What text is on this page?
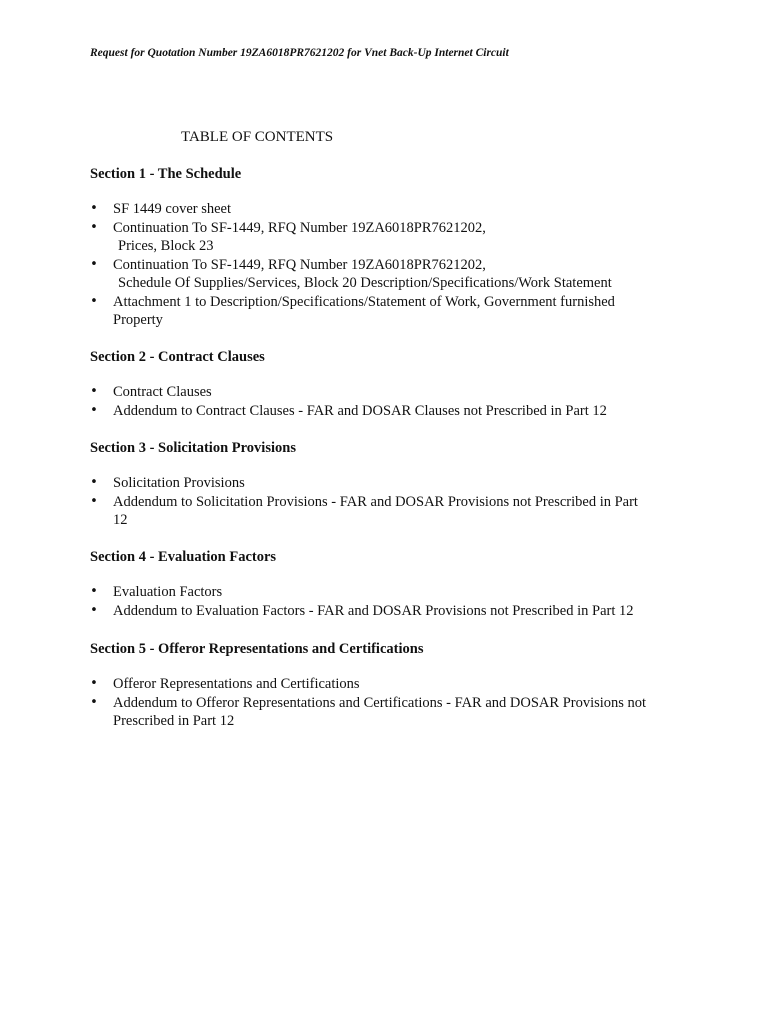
Request for Quotation Number 19ZA6018PR7621202 for Vnet Back-Up Internet Circuit
TABLE OF CONTENTS
Section 1 - The Schedule
• SF 1449 cover sheet
• Continuation To SF-1449, RFQ Number 19ZA6018PR7621202,
Prices, Block 23
• Continuation To SF-1449, RFQ Number 19ZA6018PR7621202,
Schedule Of Supplies/Services, Block 20 Description/Specifications/Work Statement
• Attachment 1 to Description/Specifications/Statement of Work, Government furnished
Property
Section 2 - Contract Clauses
• Contract Clauses
• Addendum to Contract Clauses - FAR and DOSAR Clauses not Prescribed in Part 12
Section 3 - Solicitation Provisions
• Solicitation Provisions
• Addendum to Solicitation Provisions - FAR and DOSAR Provisions not Prescribed in Part
12
Section 4 - Evaluation Factors
• Evaluation Factors
• Addendum to Evaluation Factors - FAR and DOSAR Provisions not Prescribed in Part 12
Section 5 - Offeror Representations and Certifications
• Offeror Representations and Certifications
• Addendum to Offeror Representations and Certifications - FAR and DOSAR Provisions not
Prescribed in Part 12
